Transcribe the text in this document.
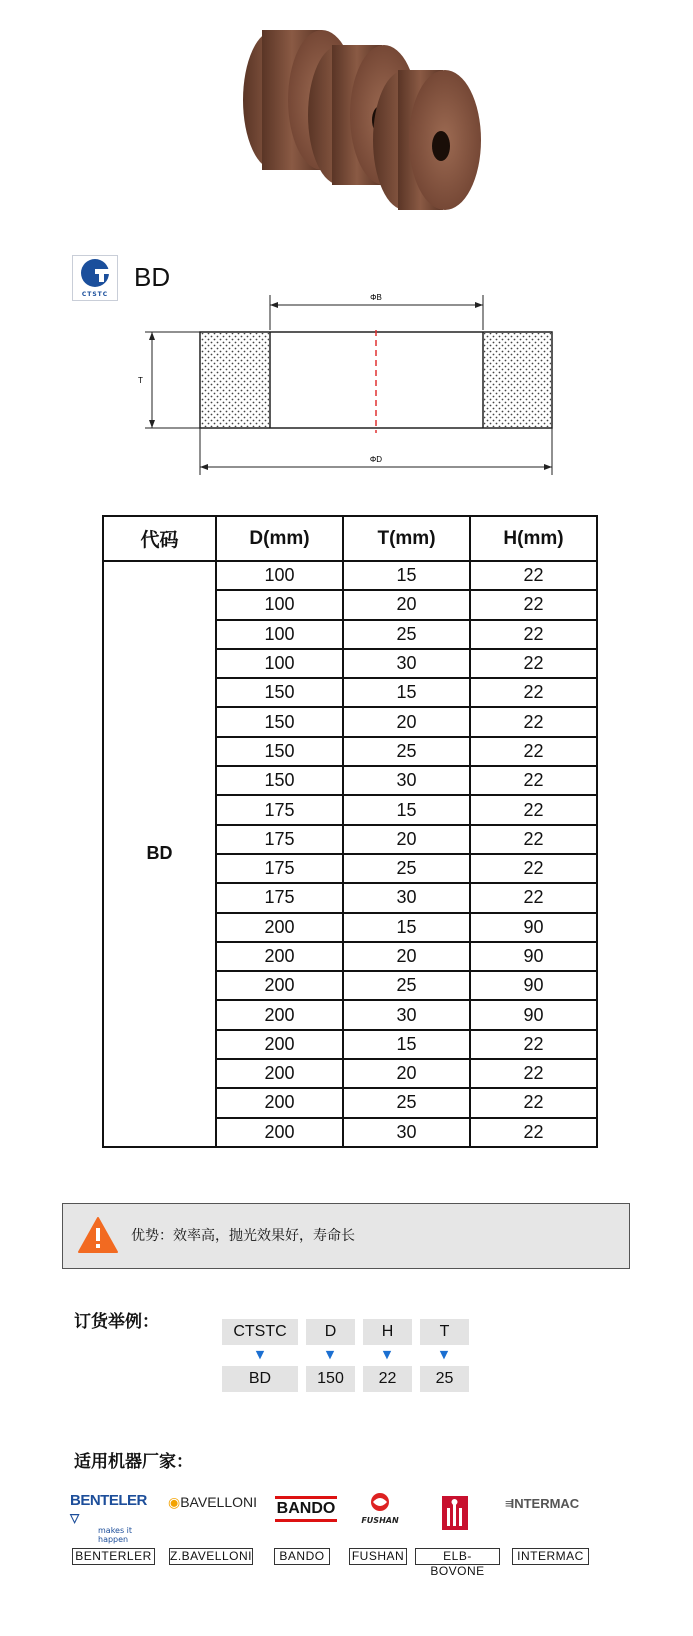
CTSTC
BD
ΦB
T
ΦD
代码	D(mm)	T(mm)	H(mm)
BD	100	15	22
	100	20	22
	100	25	22
	100	30	22
	150	15	22
	150	20	22
	150	25	22
	150	30	22
	175	15	22
	175	20	22
	175	25	22
	175	30	22
	200	15	90
	200	20	90
	200	25	90
	200	30	90
	200	15	22
	200	20	22
	200	25	22
	200	30	22
优势：效率高，抛光效果好，寿命长
订货举例：	CTSTC	D	H	T
▼	▼	▼	▼
BD	150	22	25
适用机器厂家：
BENTELER ▽
makes it happen
◉BAVELLONI	BANDO
FUSHAN
≡INTERMAC
BENTERLER Z.BAVELLONI	BANDO	FUSHAN	ELB-BOVONE
INTERMAC
